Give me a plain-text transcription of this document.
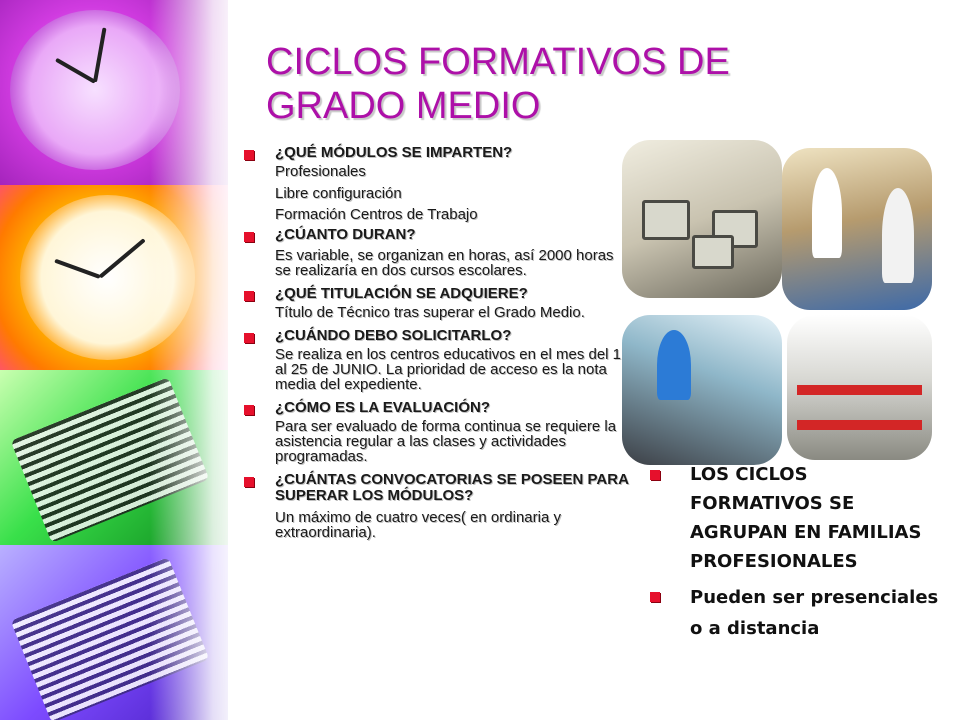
CICLOS FORMATIVOS DE GRADO MEDIO
¿QUÉ MÓDULOS SE IMPARTEN?
Profesionales
Libre configuración
Formación Centros de Trabajo
¿CÚANTO DURAN?
Es variable, se organizan en horas, así 2000 horas se realizaría en dos cursos escolares.
¿QUÉ TITULACIÓN SE ADQUIERE?
Título de Técnico tras superar el Grado Medio.
¿CUÁNDO DEBO SOLICITARLO?
Se realiza en los centros educativos en el mes del 1 al 25 de JUNIO. La prioridad de acceso es la nota media del expediente.
¿CÓMO ES LA EVALUACIÓN?
Para ser evaluado de forma continua se requiere la asistencia regular a las clases y actividades programadas.
¿CUÁNTAS CONVOCATORIAS SE POSEEN PARA SUPERAR LOS MÓDULOS?
Un máximo de cuatro veces( en ordinaria y extraordinaria).
LOS CICLOS FORMATIVOS SE AGRUPAN EN FAMILIAS PROFESIONALES
Pueden ser presenciales o a distancia
